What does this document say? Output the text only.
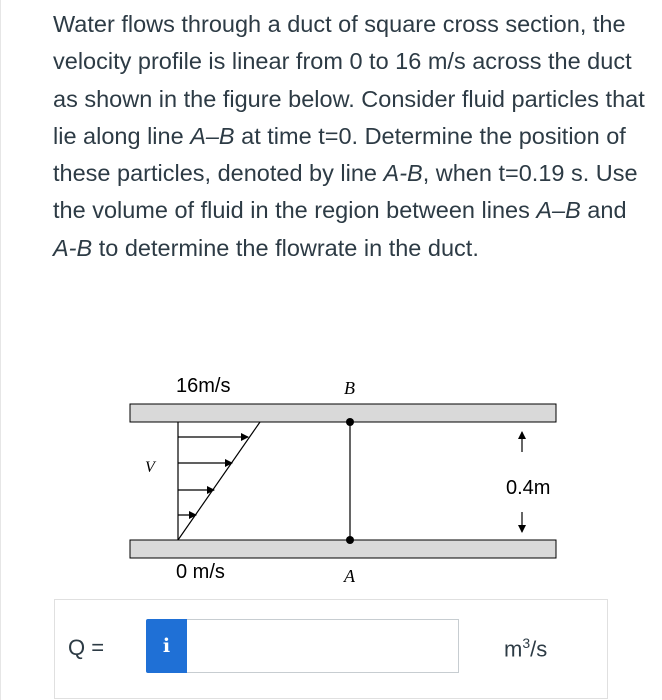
Water flows through a duct of square cross section, the velocity profile is linear from 0 to 16 m/s across the duct as shown in the figure below. Consider fluid particles that lie along line A–B at time t=0. Determine the position of these particles, denoted by line A-B, when t=0.19 s. Use the volume of fluid in the region between lines A–B and A-B to determine the flowrate in the duct.
16m/s
0 m/s
V
B
A
0.4m
Q =	i	$m^3/s$
